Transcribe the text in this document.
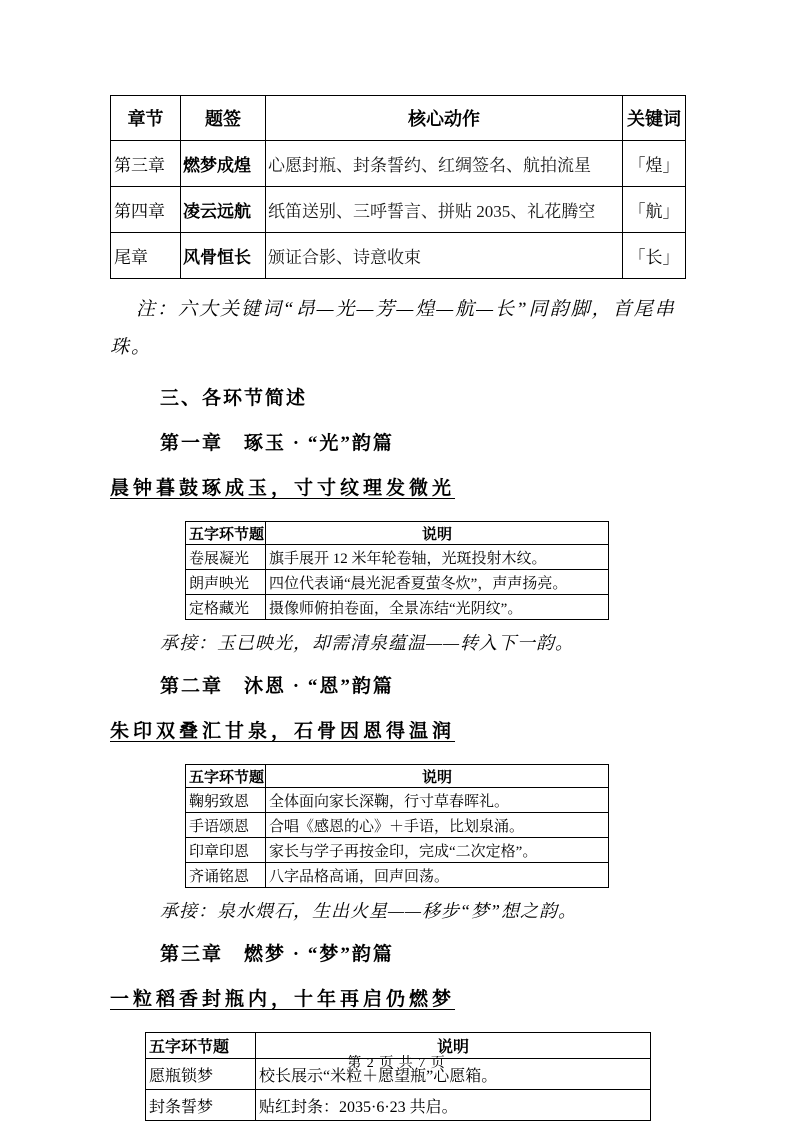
章节	题签	核心动作	关键词
第三章	燃梦成煌	心愿封瓶、封条誓约、红绸签名、航拍流星	「煌」
第四章	凌云远航	纸笛送别、三呼誓言、拼贴 2035、礼花腾空	「航」
尾章	风骨恒长	颁证合影、诗意收束	「长」

注：六大关键词“昂—光—芳—煌—航—长”同韵脚，首尾串珠。

三、各环节简述

第一章　琢玉 · “光”韵篇

晨钟暮鼓琢成玉，寸寸纹理发微光

五字环节题	说明
卷展凝光	旗手展开 12 米年轮卷轴，光斑投射木纹。
朗声映光	四位代表诵“晨光泥香夏萤冬炊”，声声扬亮。
定格藏光	摄像师俯拍卷面，全景冻结“光阴纹”。

承接：玉已映光，却需清泉蕴温——转入下一韵。

第二章　沐恩 · “恩”韵篇

朱印双叠汇甘泉，石骨因恩得温润

五字环节题	说明
鞠躬致恩	全体面向家长深鞠，行寸草春晖礼。
手语颂恩	合唱《感恩的心》＋手语，比划泉涌。
印章印恩	家长与学子再按金印，完成“二次定格”。
齐诵铭恩	八字品格高诵，回声回荡。

承接：泉水煨石，生出火星——移步“梦”想之韵。

第三章　燃梦 · “梦”韵篇

一粒稻香封瓶内，十年再启仍燃梦

五字环节题	说明
愿瓶锁梦	校长展示“米粒＋愿望瓶”心愿箱。
封条誓梦	贴红封条：2035·6·23 共启。
第 2 页 共 7 页
